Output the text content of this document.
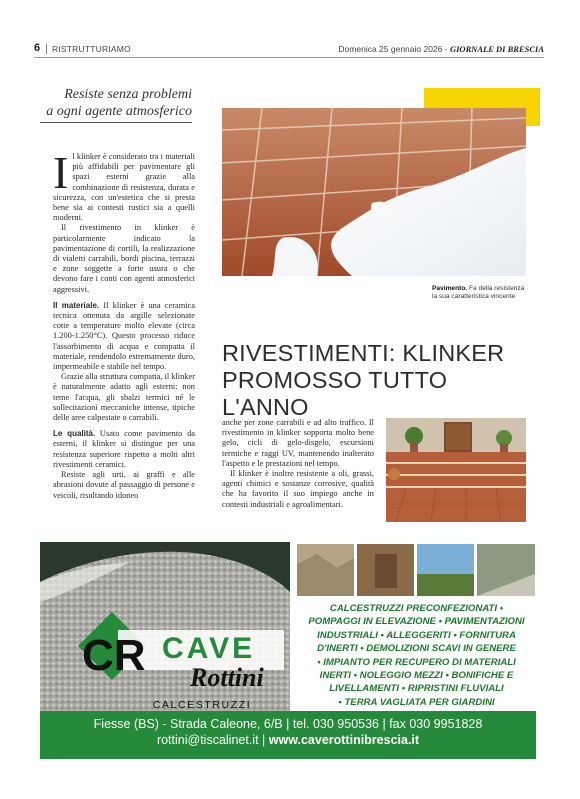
6	RISTRUTTURIAMO	Domenica 25 gennaio 2026 · GIORNALE DI BRESCIA
Resiste senza problemi
a ogni agente atmosferico
I l klinker è considerato tra i materiali più affidabili per pavimentare gli spazi esterni grazie alla combinazione di resistenza, durata e sicurezza, con un'estetica che si presta bene sia ai contesti rustici sia a quelli moderni.

Il rivestimento in klinker è particolarmente indicato la pavimentazione di cortili, la realizzazione di vialetti carrabili, bordi piscina, terrazzi e zone soggette a forte usura o che devono fare i conti con agenti atmosferici aggressivi.

Il materiale. Il klinker è una ceramica tecnica ottenuta da argille selezionate cotte a temperature molto elevate (circa 1.200-1.250°C). Questo processo riduce l'assorbimento di acqua e compatta il materiale, rendendolo estremamente duro, impermeabile e stabile nel tempo.

Grazie alla struttura compatta, il klinker è naturalmente adatto agli esterni: non teme l'acqua, gli sbalzi termici né le sollecitazioni meccaniche intense, tipiche delle aree calpestate o carrabili.

Le qualità. Usato come pavimento da esterni, il klinker si distingue per una resistenza superiore rispetto a molti altri rivestimenti ceramici.

Resiste agli urti, ai graffi e alle abrasioni dovute al passaggio di persone e veicoli, risultando idoneo

Pavimento. Fa della resistenza la sua caratteristica vincente
RIVESTIMENTI: KLINKER
PROMOSSO TUTTO L'ANNO

anche per zone carrabili e ad alto traffico. Il rivestimento in klinker sopporta molto bene gelo, cicli di gelo-disgelo, escursioni termiche e raggi UV, mantenendo inalterato l'aspetto e le prestazioni nel tempo.

Il klinker è inoltre resistente a oli, grassi, agenti chimici e sostanze corrosive, qualità che ha favorito il suo impiego anche in contesti industriali e agroalimentari.

CR CAVE
Rottini
CALCESTRUZZI
CALCESTRUZZI PRECONFEZIONATI •
POMPAGGI IN ELEVAZIONE • PAVIMENTAZIONI
INDUSTRIALI • ALLEGGERITI • FORNITURA
D'INERTI • DEMOLIZIONI SCAVI IN GENERE
• IMPIANTO PER RECUPERO DI MATERIALI
INERTI • NOLEGGIO MEZZI • BONIFICHE E
LIVELLAMENTI • RIPRISTINI FLUVIALI
• TERRA VAGLIATA PER GIARDINI
Fiesse (BS) - Strada Caleone, 6/B | tel. 030 950536 | fax 030 9951828
rottini@tiscalinet.it | www.caverottinibrescia.it
